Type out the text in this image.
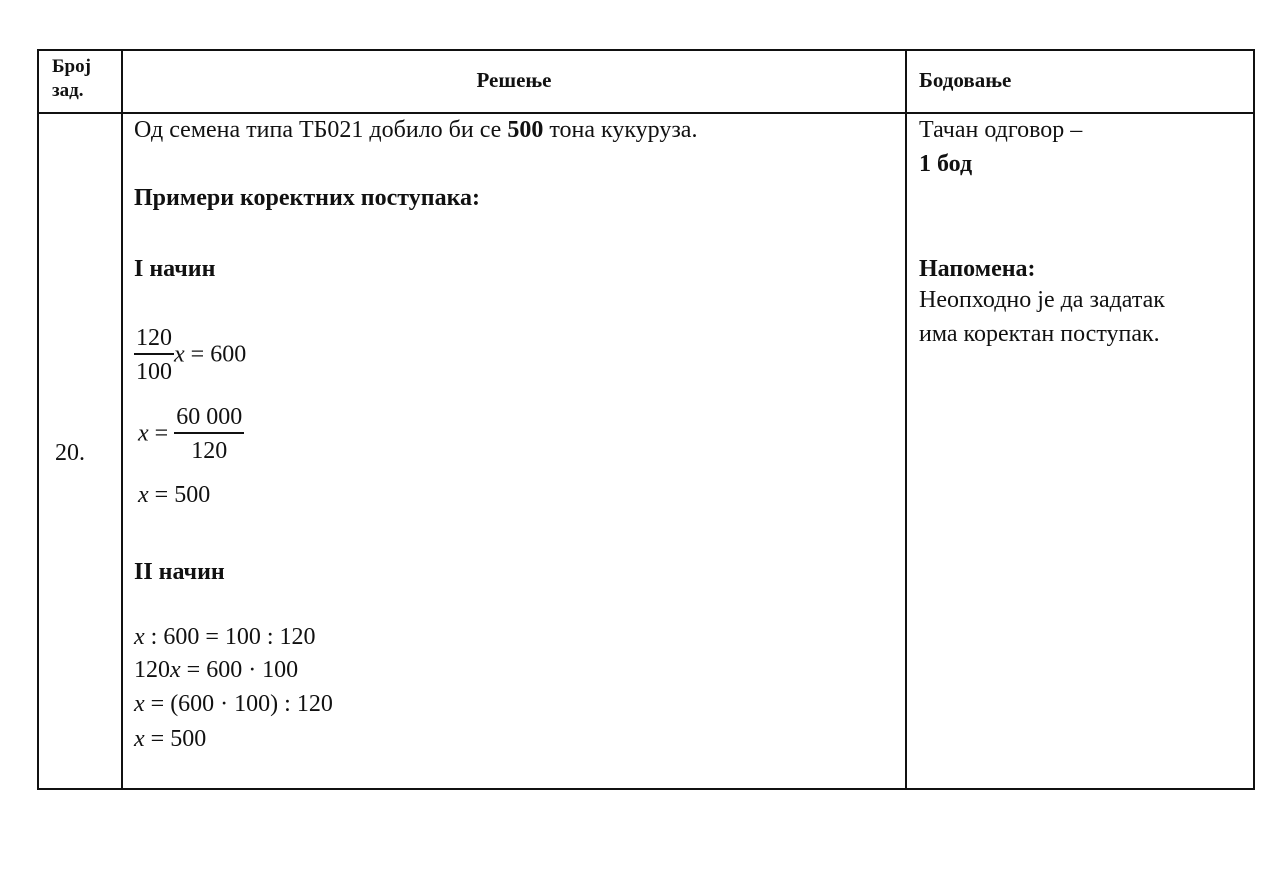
Број
зад.	Решење	Бодовање
20.
Од семена типа ТБ021 добило би се 500 тона кукуруза.
Примери коректних поступака:
I начин
$\frac{120}{100}$ x = 600
$x = \frac{60 000}{120}$
x = 500
II начин
x : 600 = 100 : 120
120x = 600 · 100
x = (600 · 100) : 120
x = 500
Тачан одговор –
1 бод
Напомена:
Неопходно је да задатак
има коректан поступак.
